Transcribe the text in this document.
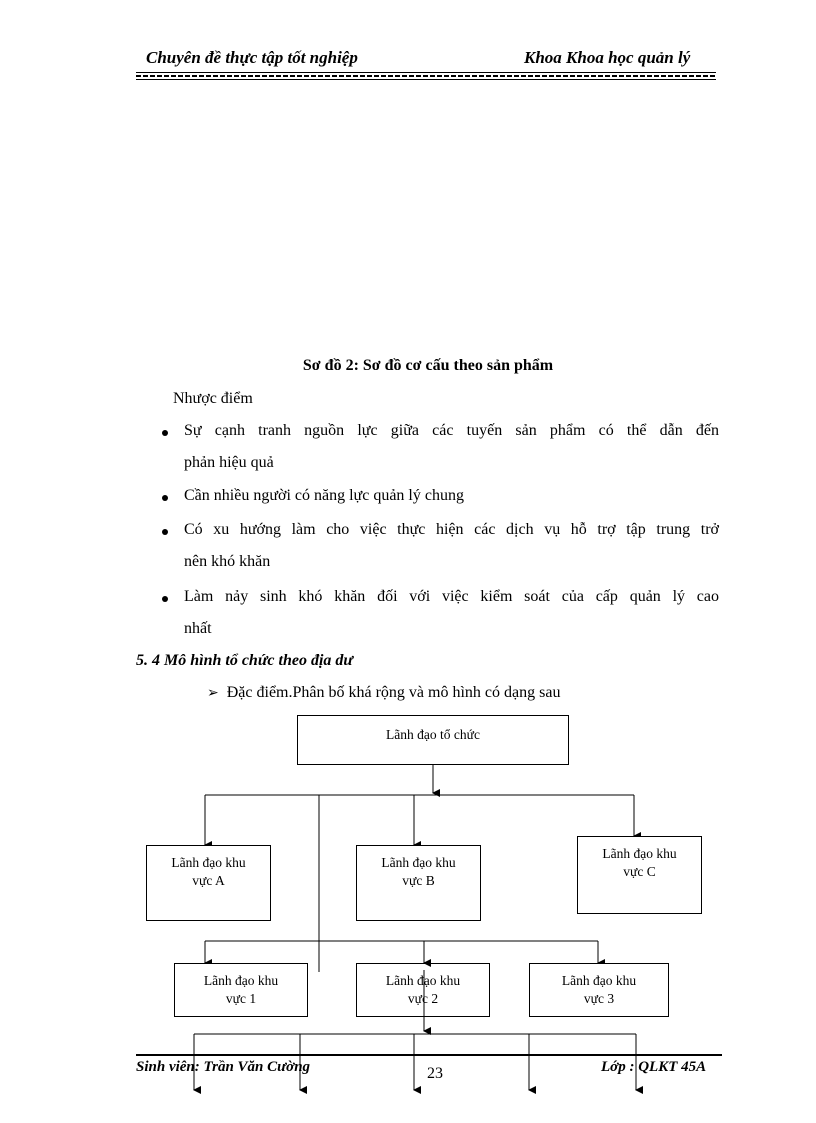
Chuyên đề thực tập tốt nghiệp	Khoa Khoa học quản lý
Sơ đồ 2: Sơ đồ cơ cấu theo sản phẩm
Nhược điểm
Sự cạnh tranh nguồn lực giữa các tuyến sản phẩm có thể dẫn đến
phản hiệu quả
Cần nhiều người có năng lực quản lý chung
Có xu hướng làm cho việc thực hiện các dịch vụ hỗ trợ tập trung trở
nên khó khăn
Làm nảy sinh khó khăn đối với việc kiểm soát của cấp quản lý cao
nhất
5. 4 Mô hình tổ chức theo địa dư
➢ Đặc điểm.Phân bố khá rộng và mô hình có dạng sau
Lãnh đạo tổ chức
Lãnh đạo khu
vực A
Lãnh đạo khu
vực B
Lãnh đạo khu
vực C
Lãnh đạo khu
vực 1
Lãnh đạo khu
vực 2
Lãnh đạo khu
vực 3
Sinh viên: Trần Văn Cường	23	Lớp : QLKT 45A
